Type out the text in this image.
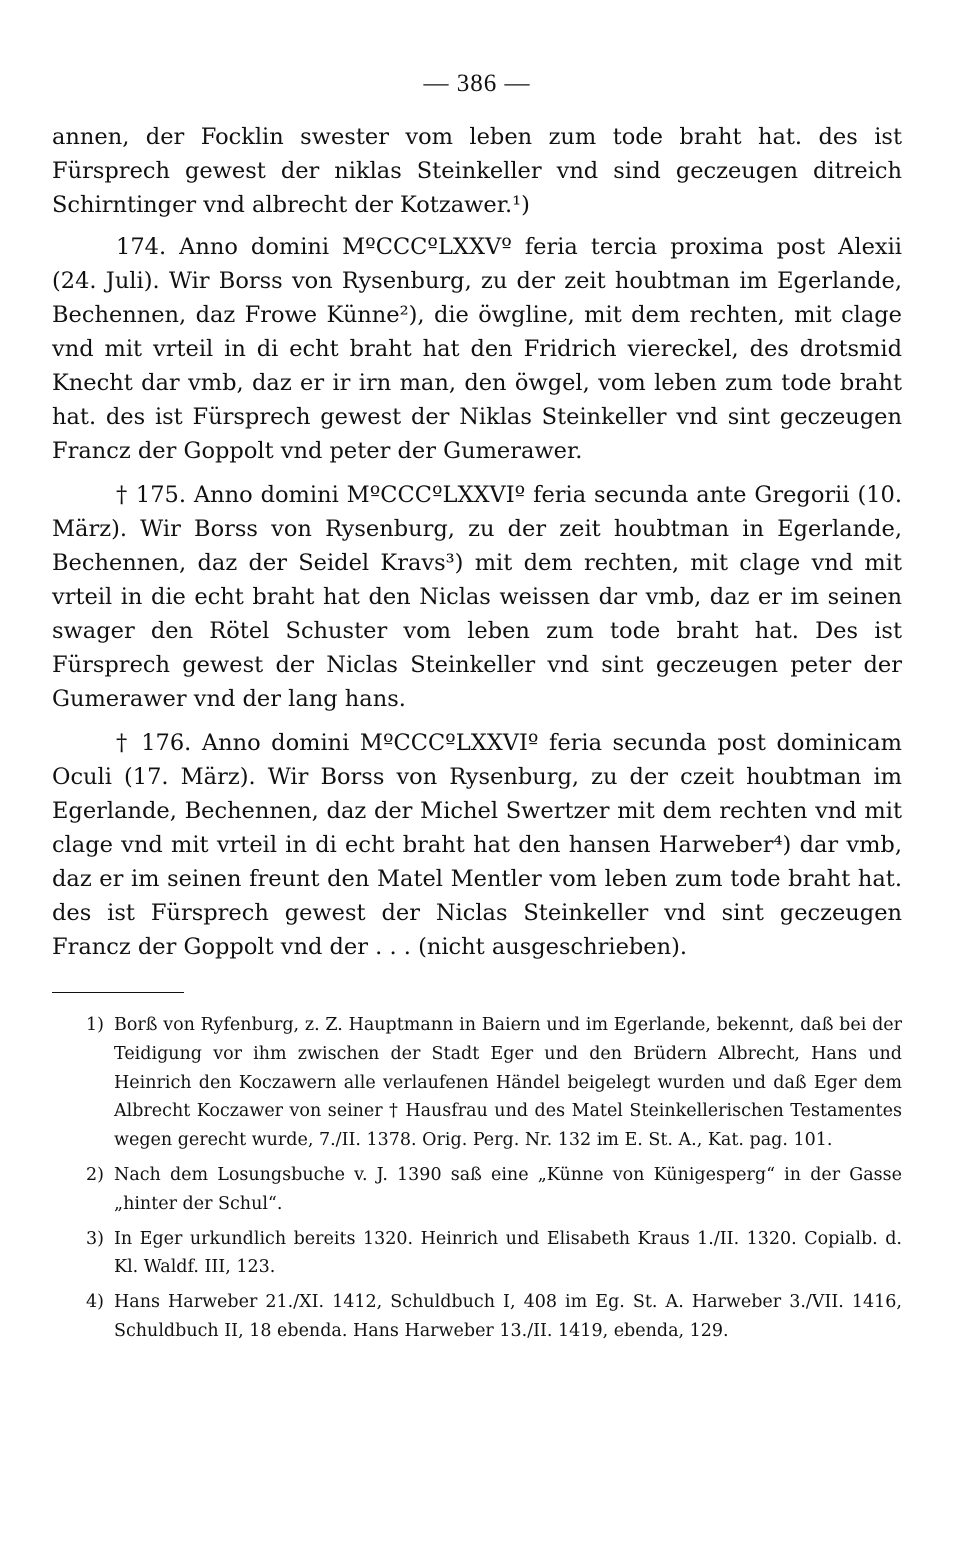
— 386 —

annen, der Focklin swester vom leben zum tode braht hat. des ist Fürsprech gewest der niklas Steinkeller vnd sind geczeugen ditreich Schirntinger vnd albrecht der Kotzawer.¹)

174. Anno domini MºCCCºLXXVº feria tercia proxima post Alexii (24. Juli). Wir Borss von Rysenburg, zu der zeit houbtman im Egerlande, Bechennen, daz Frowe Künne²), die öwgline, mit dem rechten, mit clage vnd mit vrteil in di echt braht hat den Fridrich viereckel, des drotsmid Knecht dar vmb, daz er ir irn man, den öwgel, vom leben zum tode braht hat. des ist Fürsprech gewest der Niklas Steinkeller vnd sint geczeugen Francz der Goppolt vnd peter der Gumerawer.

† 175. Anno domini MºCCCºLXXVIº feria secunda ante Gregorii (10. März). Wir Borss von Rysenburg, zu der zeit houbtman in Egerlande, Bechennen, daz der Seidel Kravs³) mit dem rechten, mit clage vnd mit vrteil in die echt braht hat den Niclas weissen dar vmb, daz er im seinen swager den Rötel Schuster vom leben zum tode braht hat. Des ist Fürsprech gewest der Niclas Steinkeller vnd sint geczeugen peter der Gumerawer vnd der lang hans.

† 176. Anno domini MºCCCºLXXVIº feria secunda post dominicam Oculi (17. März). Wir Borss von Rysenburg, zu der czeit houbtman im Egerlande, Bechennen, daz der Michel Swertzer mit dem rechten vnd mit clage vnd mit vrteil in di echt braht hat den hansen Harweber⁴) dar vmb, daz er im seinen freunt den Matel Mentler vom leben zum tode braht hat. des ist Fürsprech gewest der Niclas Steinkeller vnd sint geczeugen Francz der Goppolt vnd der . . . (nicht ausgeschrieben).

1) Borß von Ryfenburg, z. Z. Hauptmann in Baiern und im Egerlande, bekennt, daß bei der Teidigung vor ihm zwischen der Stadt Eger und den Brüdern Albrecht, Hans und Heinrich den Koczawern alle verlaufenen Händel beigelegt wurden und daß Eger dem Albrecht Koczawer von seiner † Hausfrau und des Matel Steinkellerischen Testamentes wegen gerecht wurde, 7./II. 1378. Orig. Perg. Nr. 132 im E. St. A., Kat. pag. 101.
2) Nach dem Losungsbuche v. J. 1390 saß eine „Künne von Künigesperg“ in der Gasse „hinter der Schul“.
3) In Eger urkundlich bereits 1320. Heinrich und Elisabeth Kraus 1./II. 1320. Copialb. d. Kl. Waldf. III, 123.
4) Hans Harweber 21./XI. 1412, Schuldbuch I, 408 im Eg. St. A. Harweber 3./VII. 1416, Schuldbuch II, 18 ebenda. Hans Harweber 13./II. 1419, ebenda, 129.
